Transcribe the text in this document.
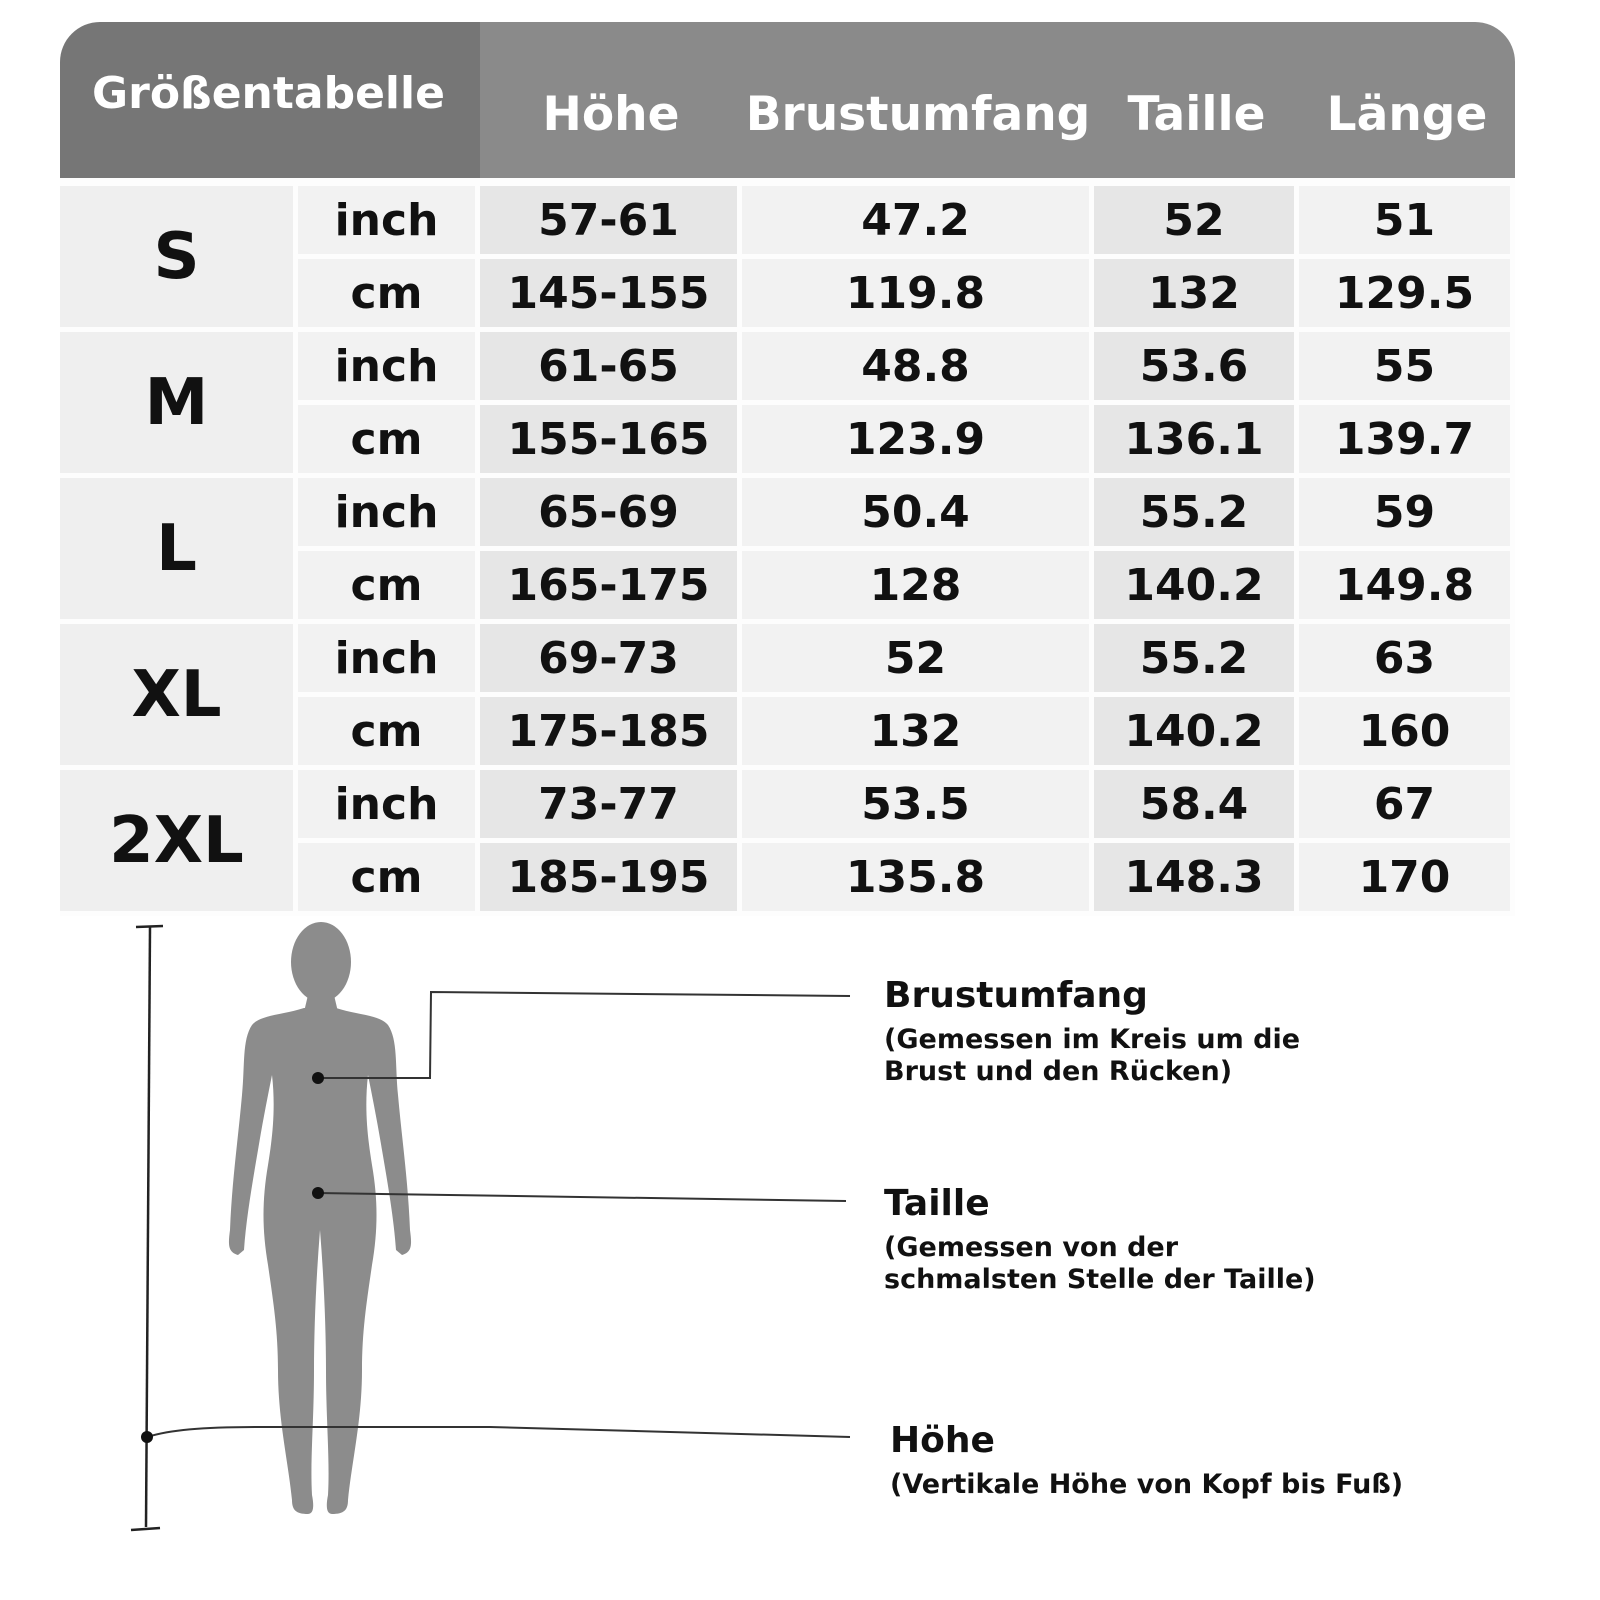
Größentabelle		Höhe	Brustumfang	Taille	Länge
S	inch	57-61	47.2	52	51
	cm	145-155	119.8	132	129.5
M	inch	61-65	48.8	53.6	55
	cm	155-165	123.9	136.1	139.7
L	inch	65-69	50.4	55.2	59
	cm	165-175	128	140.2	149.8
XL	inch	69-73	52	55.2	63
	cm	175-185	132	140.2	160
2XL	inch	73-77	53.5	58.4	67
	cm	185-195	135.8	148.3	170
Brustumfang
(Gemessen im Kreis um die
Brust und den Rücken)
Taille
(Gemessen von der
schmalsten Stelle der Taille)
Höhe
(Vertikale Höhe von Kopf bis Fuß)
